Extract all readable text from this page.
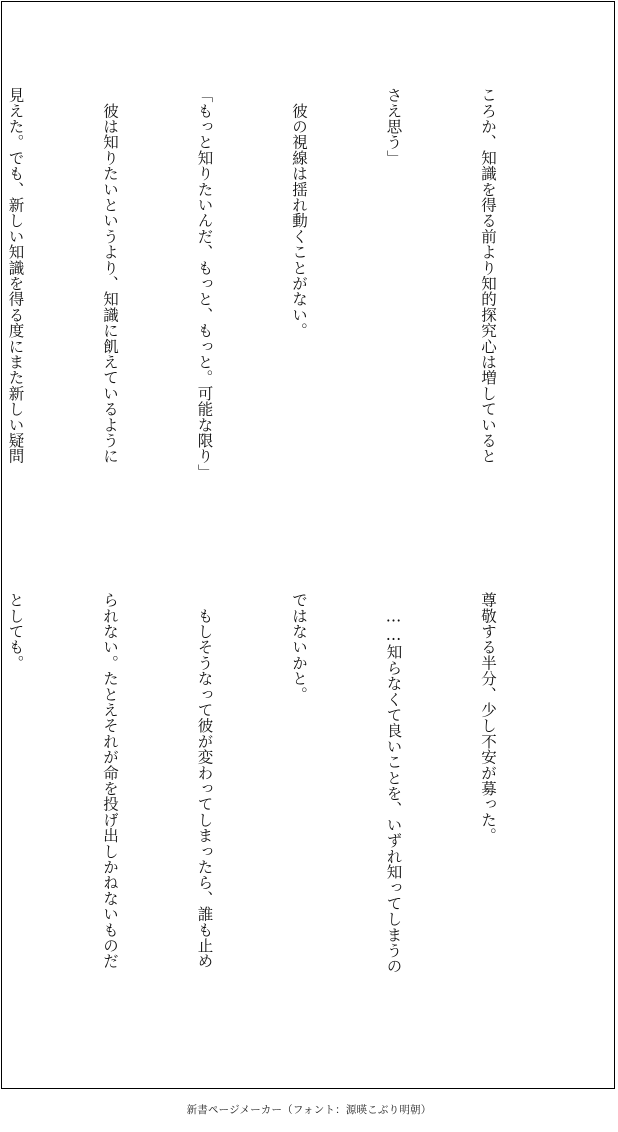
ころか、知識を得る前より知的探究心は増していると

さえ思う」

　彼の視線は揺れ動くことがない。

「もっと知りたいんだ、もっと、もっと。可能な限り」

　彼は知りたいというより、知識に飢えているように

見えた。でも、新しい知識を得る度にまた新しい疑問

尊敬する半分、少し不安が募った。

　……知らなくて良いことを、いずれ知ってしまうの

ではないかと。

　もしそうなって彼が変わってしまったら、誰も止め

られない。たとえそれが命を投げ出しかねないものだ

としても。

新書ページメーカー（フォント：源暎こぶり明朝）
